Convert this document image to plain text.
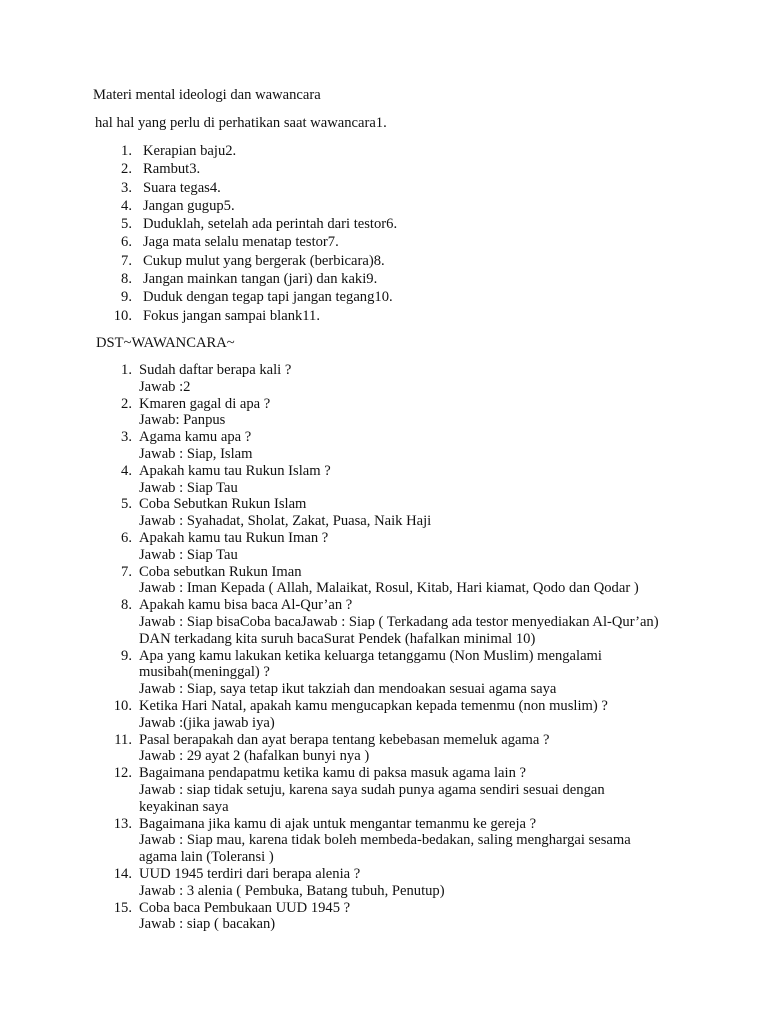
Materi mental ideologi dan wawancara
hal hal yang perlu di perhatikan saat wawancara1.
1. Kerapian baju2.
2. Rambut3.
3. Suara tegas4.
4. Jangan gugup5.
5. Duduklah, setelah ada perintah dari testor6.
6. Jaga mata selalu menatap testor7.
7. Cukup mulut yang bergerak (berbicara)8.
8. Jangan mainkan tangan (jari) dan kaki9.
9. Duduk dengan tegap tapi jangan tegang10.
10. Fokus jangan sampai blank11.
DST~WAWANCARA~
1. Sudah daftar berapa kali ?
Jawab :2
2. Kmaren gagal di apa ?
Jawab: Panpus
3. Agama kamu apa ?
Jawab : Siap, Islam
4. Apakah kamu tau Rukun Islam ?
Jawab : Siap Tau
5. Coba Sebutkan Rukun Islam
Jawab : Syahadat, Sholat, Zakat, Puasa, Naik Haji
6. Apakah kamu tau Rukun Iman ?
Jawab : Siap Tau
7. Coba sebutkan Rukun Iman
Jawab : Iman Kepada ( Allah, Malaikat, Rosul, Kitab, Hari kiamat, Qodo dan Qodar )
8. Apakah kamu bisa baca Al-Qur’an ?
Jawab : Siap bisaCoba bacaJawab : Siap ( Terkadang ada testor menyediakan Al-Qur’an) DAN terkadang kita suruh bacaSurat Pendek (hafalkan minimal 10)
9. Apa yang kamu lakukan ketika keluarga tetanggamu (Non Muslim) mengalami musibah(meninggal) ?
Jawab : Siap, saya tetap ikut takziah dan mendoakan sesuai agama saya
10. Ketika Hari Natal, apakah kamu mengucapkan kepada temenmu (non muslim) ?
Jawab :(jika jawab iya)
11. Pasal berapakah dan ayat berapa tentang kebebasan memeluk agama ?
Jawab : 29 ayat 2 (hafalkan bunyi nya )
12. Bagaimana pendapatmu ketika kamu di paksa masuk agama lain ?
Jawab : siap tidak setuju, karena saya sudah punya agama sendiri sesuai dengan keyakinan saya
13. Bagaimana jika kamu di ajak untuk mengantar temanmu ke gereja ?
Jawab : Siap mau, karena tidak boleh membeda-bedakan, saling menghargai sesama agama lain (Toleransi )
14. UUD 1945 terdiri dari berapa alenia ?
Jawab : 3 alenia ( Pembuka, Batang tubuh, Penutup)
15. Coba baca Pembukaan UUD 1945 ?
Jawab : siap ( bacakan)
